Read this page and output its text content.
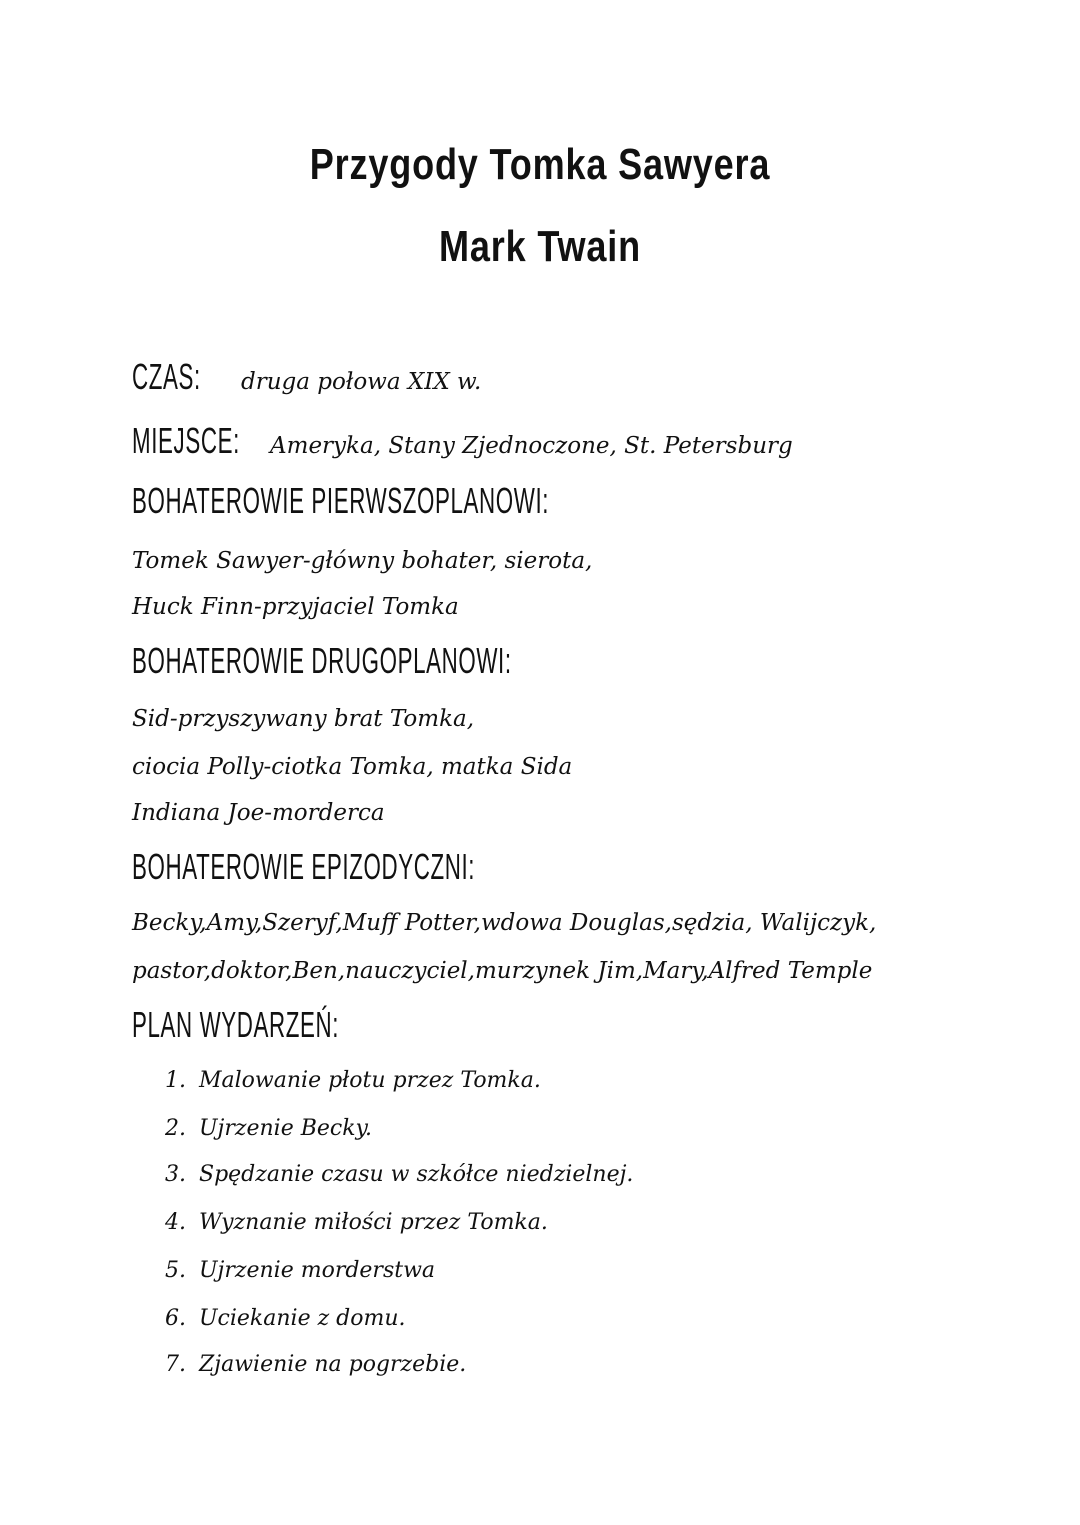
Przygody Tomka Sawyera
Mark Twain
CZAS: druga połowa XIX w.
MIEJSCE: Ameryka, Stany Zjednoczone, St. Petersburg
BOHATEROWIE PIERWSZOPLANOWI:
Tomek Sawyer-główny bohater, sierota,
Huck Finn-przyjaciel Tomka
BOHATEROWIE DRUGOPLANOWI:
Sid-przyszywany brat Tomka,
ciocia Polly-ciotka Tomka, matka Sida
Indiana Joe-morderca
BOHATEROWIE EPIZODYCZNI:
Becky,Amy,Szeryf,Muff Potter,wdowa Douglas,sędzia, Walijczyk,
pastor,doktor,Ben,nauczyciel,murzynek Jim,Mary,Alfred Temple
PLAN WYDARZEŃ:
1. Malowanie płotu przez Tomka.
2. Ujrzenie Becky.
3. Spędzanie czasu w szkółce niedzielnej.
4. Wyznanie miłości przez Tomka.
5. Ujrzenie morderstwa
6. Uciekanie z domu.
7. Zjawienie na pogrzebie.
